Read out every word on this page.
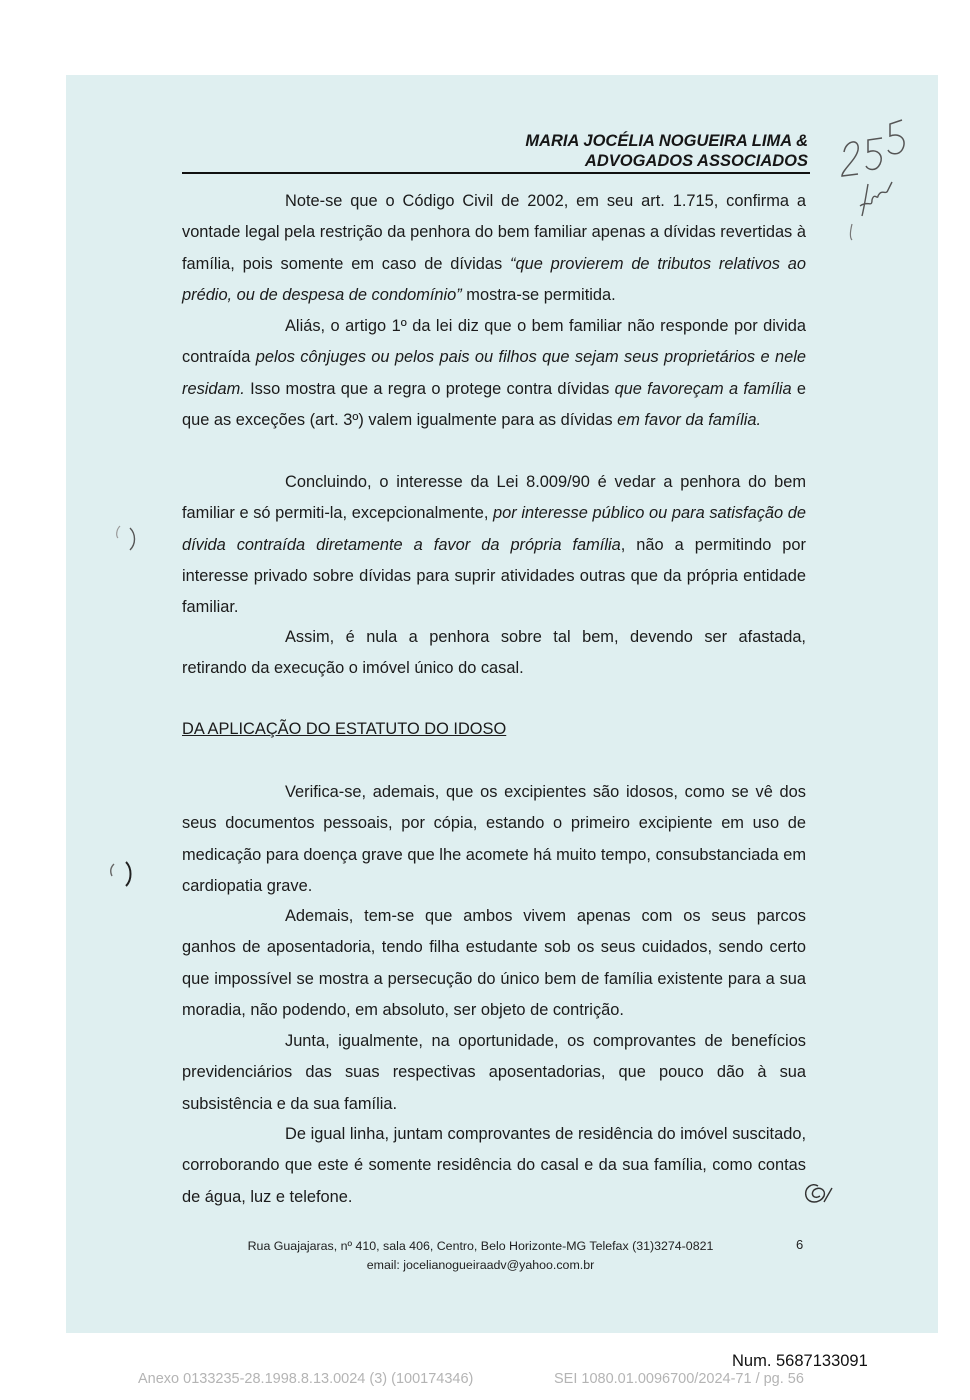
MARIA JOCÉLIA NOGUEIRA LIMA &
ADVOGADOS ASSOCIADOS

Note-se que o Código Civil de 2002, em seu art. 1.715, confirma a vontade legal pela restrição da penhora do bem familiar apenas a dívidas revertidas à família, pois somente em caso de dívidas “que provierem de tributos relativos ao prédio, ou de despesa de condomínio” mostra-se permitida.

Aliás, o artigo 1º da lei diz que o bem familiar não responde por divida contraída pelos cônjuges ou pelos pais ou filhos que sejam seus proprietários e nele residam. Isso mostra que a regra o protege contra dívidas que favoreçam a família e que as exceções (art. 3º) valem igualmente para as dívidas em favor da família.

Concluindo, o interesse da Lei 8.009/90 é vedar a penhora do bem familiar e só permiti-la, excepcionalmente, por interesse público ou para satisfação de dívida contraída diretamente a favor da própria família, não a permitindo por interesse privado sobre dívidas para suprir atividades outras que da própria entidade familiar.

Assim, é nula a penhora sobre tal bem, devendo ser afastada, retirando da execução o imóvel único do casal.

DA APLICAÇÃO DO ESTATUTO DO IDOSO

Verifica-se, ademais, que os excipientes são idosos, como se vê dos seus documentos pessoais, por cópia, estando o primeiro excipiente em uso de medicação para doença grave que lhe acomete há muito tempo, consubstanciada em cardiopatia grave.

Ademais, tem-se que ambos vivem apenas com os seus parcos ganhos de aposentadoria, tendo filha estudante sob os seus cuidados, sendo certo que impossível se mostra a persecução do único bem de família existente para a sua moradia, não podendo, em absoluto, ser objeto de contrição.

Junta, igualmente, na oportunidade, os comprovantes de benefícios previdenciários das suas respectivas aposentadorias, que pouco dão à sua subsistência e da sua família.

De igual linha, juntam comprovantes de residência do imóvel suscitado, corroborando que este é somente residência do casal e da sua família, como contas de água, luz e telefone.

Rua Guajajaras, nº 410, sala 406, Centro, Belo Horizonte-MG Telefax (31)3274-0821
email: jocelianogueiraadv@yahoo.com.br
6
Num. 5687133091
Anexo 0133235-28.1998.8.13.0024 (3) (100174346)	SEI 1080.01.0096700/2024-71 / pg. 56
